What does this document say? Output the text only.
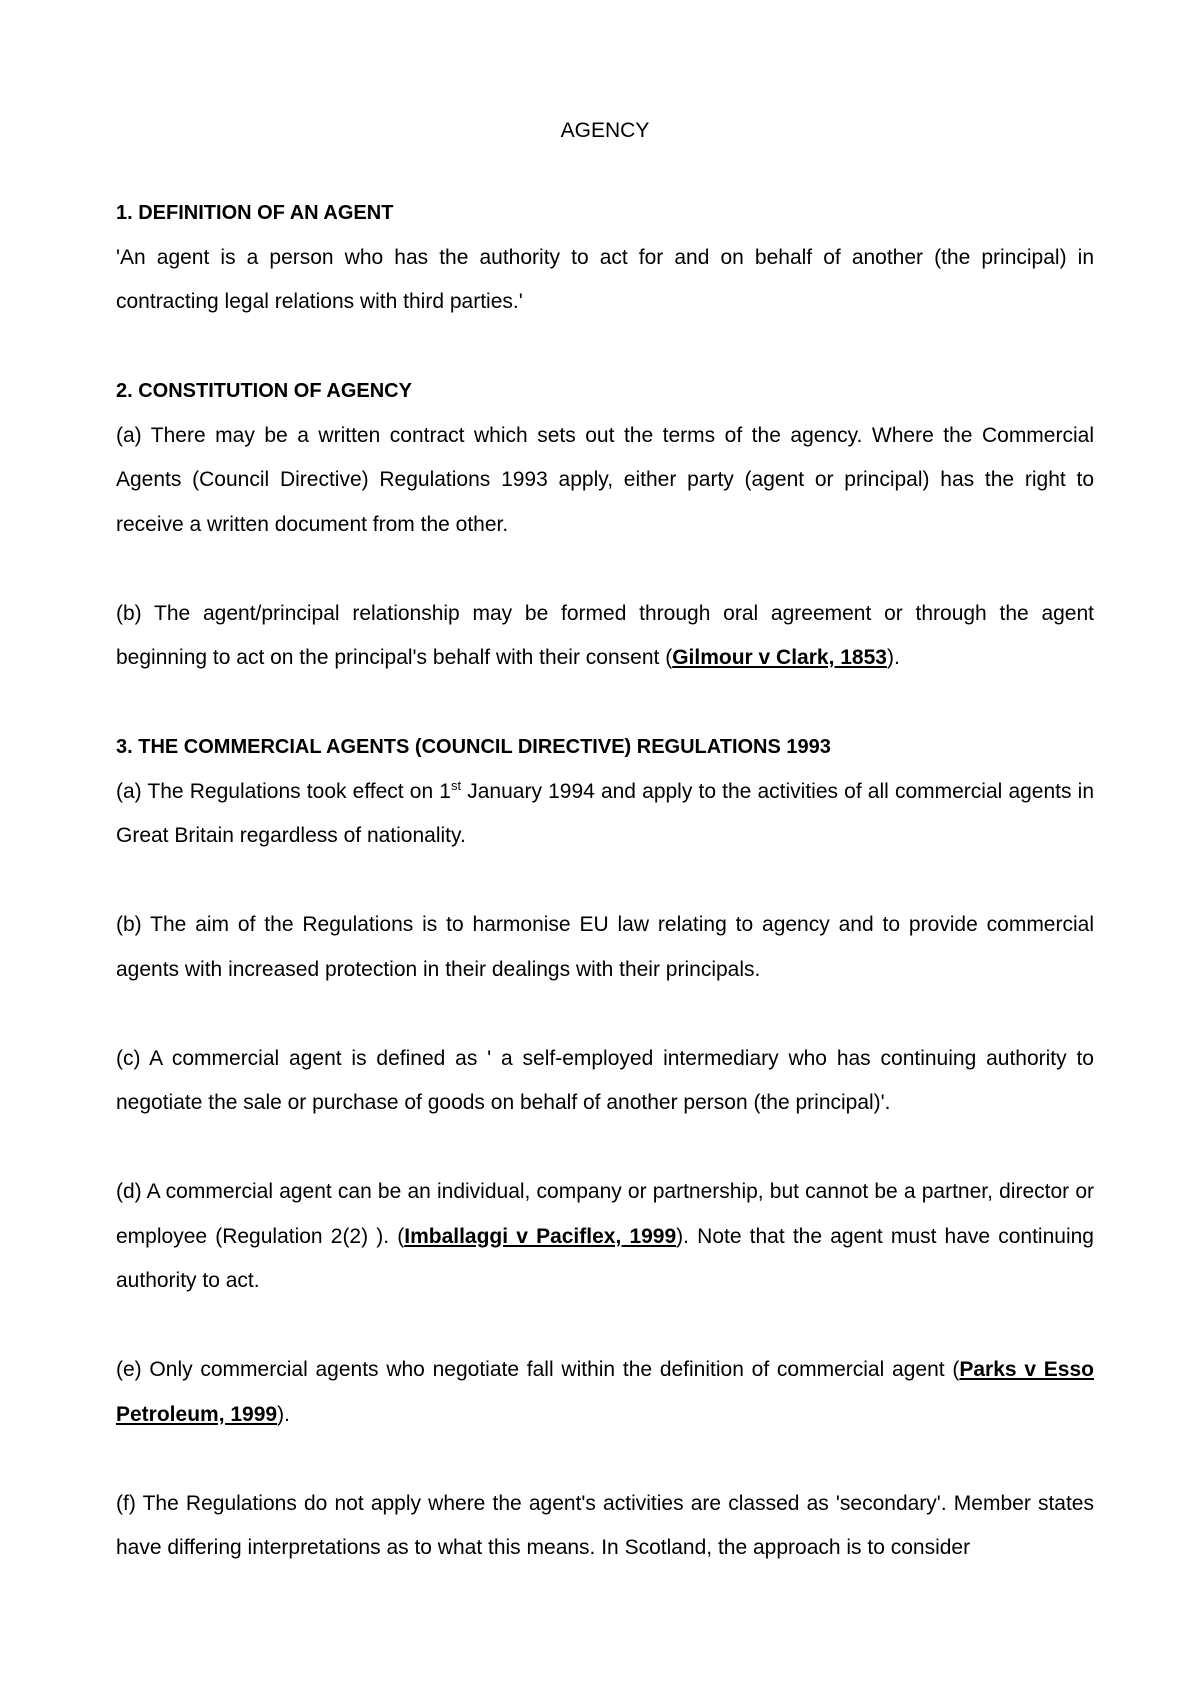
AGENCY

1. DEFINITION OF AN AGENT

'An agent is a person who has the authority to act for and on behalf of another (the principal) in contracting legal relations with third parties.'

2. CONSTITUTION OF AGENCY

(a) There may be a written contract which sets out the terms of the agency. Where the Commercial Agents (Council Directive) Regulations 1993 apply, either party (agent or principal) has the right to receive a written document from the other.

(b) The agent/principal relationship may be formed through oral agreement or through the agent beginning to act on the principal's behalf with their consent (Gilmour v Clark, 1853).

3. THE COMMERCIAL AGENTS (COUNCIL DIRECTIVE) REGULATIONS 1993

(a) The Regulations took effect on 1st January 1994 and apply to the activities of all commercial agents in Great Britain regardless of nationality.

(b) The aim of the Regulations is to harmonise EU law relating to agency and to provide commercial agents with increased protection in their dealings with their principals.

(c) A commercial agent is defined as ' a self-employed intermediary who has continuing authority to negotiate the sale or purchase of goods on behalf of another person (the principal)'.

(d) A commercial agent can be an individual, company or partnership, but cannot be a partner, director or employee (Regulation 2(2) ). (Imballaggi v Paciflex, 1999). Note that the agent must have continuing authority to act.

(e) Only commercial agents who negotiate fall within the definition of commercial agent (Parks v Esso Petroleum, 1999).

(f) The Regulations do not apply where the agent's activities are classed as 'secondary'. Member states have differing interpretations as to what this means. In Scotland, the approach is to consider
